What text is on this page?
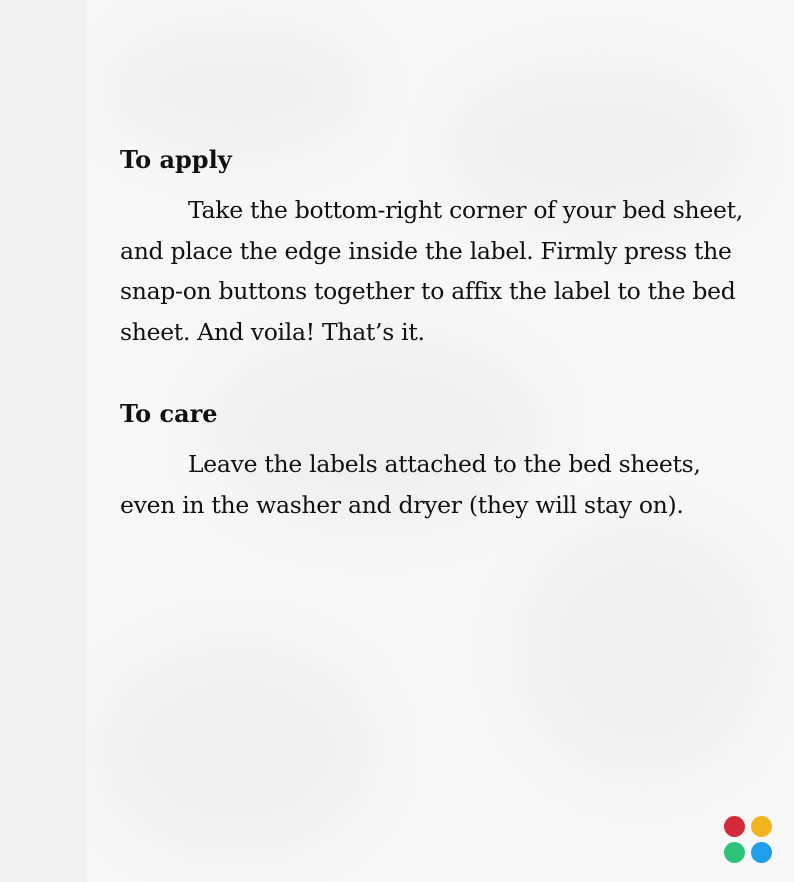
To apply

Take the bottom-right corner of your bed sheet, and place the edge inside the label. Firmly press the snap-on buttons together to affix the label to the bed sheet. And voila! That’s it.

To care

Leave the labels attached to the bed sheets, even in the washer and dryer (they will stay on).
